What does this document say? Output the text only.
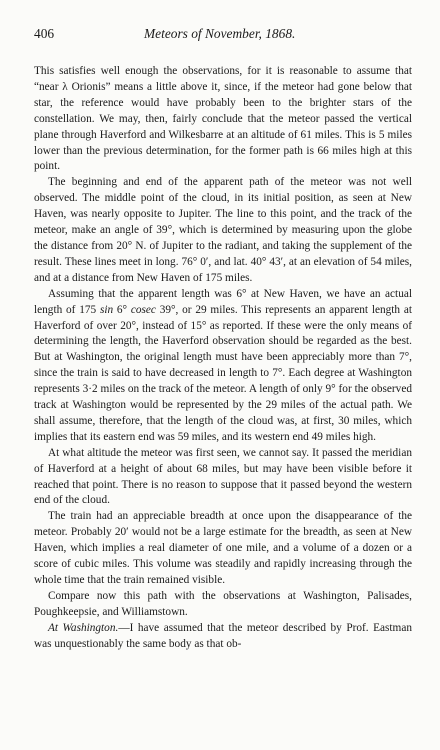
406	Meteors of November, 1868.

This satisfies well enough the observations, for it is reasonable to assume that “near λ Orionis” means a little above it, since, if the meteor had gone below that star, the reference would have probably been to the brighter stars of the constellation. We may, then, fairly conclude that the meteor passed the vertical plane through Haverford and Wilkesbarre at an altitude of 61 miles. This is 5 miles lower than the previous determination, for the former path is 66 miles high at this point.

The beginning and end of the apparent path of the meteor was not well observed. The middle point of the cloud, in its initial position, as seen at New Haven, was nearly opposite to Jupiter. The line to this point, and the track of the meteor, make an angle of 39°, which is determined by measuring upon the globe the distance from 20° N. of Jupiter to the radiant, and taking the supplement of the result. These lines meet in long. 76° 0′, and lat. 40° 43′, at an elevation of 54 miles, and at a distance from New Haven of 175 miles.

Assuming that the apparent length was 6° at New Haven, we have an actual length of 175 sin 6° cosec 39°, or 29 miles. This represents an apparent length at Haverford of over 20°, instead of 15° as reported. If these were the only means of determining the length, the Haverford observation should be regarded as the best. But at Washington, the original length must have been appreciably more than 7°, since the train is said to have decreased in length to 7°. Each degree at Washington represents 3·2 miles on the track of the meteor. A length of only 9° for the observed track at Washington would be represented by the 29 miles of the actual path. We shall assume, therefore, that the length of the cloud was, at first, 30 miles, which implies that its eastern end was 59 miles, and its western end 49 miles high.

At what altitude the meteor was first seen, we cannot say. It passed the meridian of Haverford at a height of about 68 miles, but may have been visible before it reached that point. There is no reason to suppose that it passed beyond the western end of the cloud.

The train had an appreciable breadth at once upon the disappearance of the meteor. Probably 20′ would not be a large estimate for the breadth, as seen at New Haven, which implies a real diameter of one mile, and a volume of a dozen or a score of cubic miles. This volume was steadily and rapidly increasing through the whole time that the train remained visible.

Compare now this path with the observations at Washington, Palisades, Poughkeepsie, and Williamstown.

At Washington.—I have assumed that the meteor described by Prof. Eastman was unquestionably the same body as that ob-
